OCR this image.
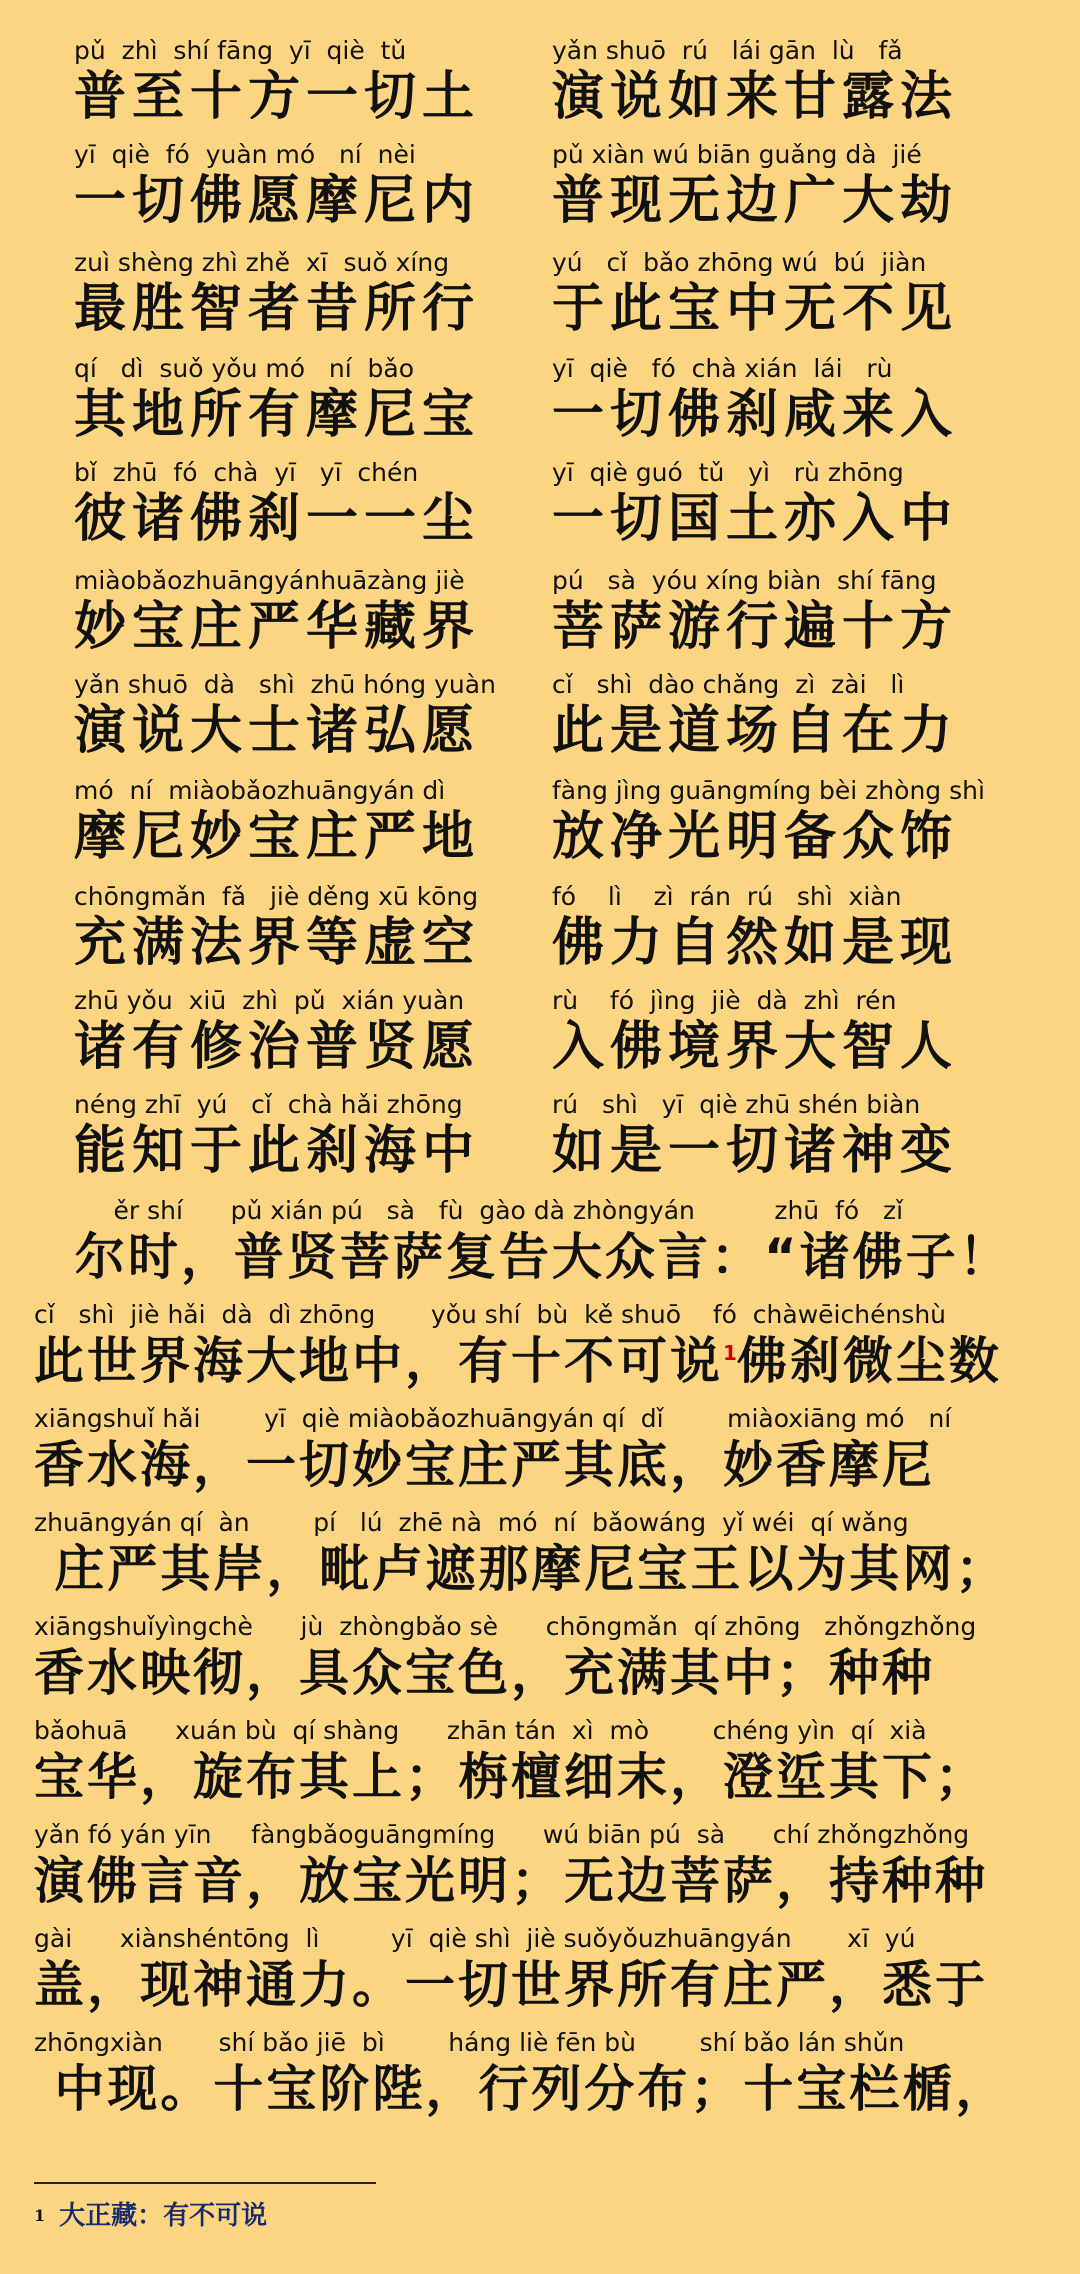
pǔ  zhì  shí fāng  yī  qiè  tǔ
普至十方一切土
yǎn shuō  rú   lái gān  lù   fǎ
演说如来甘露法
yī  qiè  fó  yuàn mó   ní  nèi
一切佛愿摩尼内
pǔ xiàn wú biān guǎng dà  jié
普现无边广大劫
zuì shèng zhì zhě  xī  suǒ xíng
最胜智者昔所行
yú   cǐ  bǎo zhōng wú  bú  jiàn
于此宝中无不见
qí   dì  suǒ yǒu mó   ní  bǎo
其地所有摩尼宝
yī  qiè   fó  chà xián  lái   rù
一切佛刹咸来入
bǐ  zhū  fó  chà  yī   yī  chén
彼诸佛刹一一尘
yī  qiè guó  tǔ   yì   rù zhōng
一切国土亦入中
miàobǎozhuāngyánhuāzàng jiè
妙宝庄严华藏界
pú   sà  yóu xíng biàn  shí fāng
菩萨游行遍十方
yǎn shuō  dà   shì  zhū hóng yuàn
演说大士诸弘愿
cǐ   shì  dào chǎng  zì  zài   lì
此是道场自在力
mó  ní  miàobǎozhuāngyán dì
摩尼妙宝庄严地
fàng jìng guāngmíng bèi zhòng shì
放净光明备众饰
chōngmǎn  fǎ   jiè děng xū kōng
充满法界等虚空
fó    lì    zì  rán  rú   shì  xiàn
佛力自然如是现
zhū yǒu  xiū  zhì  pǔ  xián yuàn
诸有修治普贤愿
rù    fó  jìng  jiè  dà  zhì  rén
入佛境界大智人
néng zhī  yú   cǐ  chà hǎi zhōng
能知于此刹海中
rú   shì   yī  qiè zhū shén biàn
如是一切诸神变
ěr shí      pǔ xián pú   sà   fù  gào dà zhòngyán          zhū  fó   zǐ
尔时，普贤菩萨复告大众言：“诸佛子！
cǐ   shì  jiè hǎi  dà  dì zhōng       yǒu shí  bù  kě shuō    fó  chàwēichénshù
此世界海大地中，有十不可说$^1$佛刹微尘数
xiāngshuǐ hǎi        yī  qiè miàobǎozhuāngyán qí  dǐ        miàoxiāng mó   ní
香水海，一切妙宝庄严其底，妙香摩尼
zhuāngyán qí  àn        pí   lú  zhē nà  mó  ní  bǎowáng  yǐ wéi  qí wǎng
庄严其岸，毗卢遮那摩尼宝王以为其网；
xiāngshuǐyìngchè      jù  zhòngbǎo sè      chōngmǎn  qí zhōng   zhǒngzhǒng
香水映彻，具众宝色，充满其中；种种
bǎohuā      xuán bù  qí shàng      zhān tán  xì  mò        chéng yìn  qí  xià
宝华，旋布其上；栴檀细末，澄垽其下；
yǎn fó yán yīn     fàngbǎoguāngmíng      wú biān pú  sà      chí zhǒngzhǒng
演佛言音，放宝光明；无边菩萨，持种种
gài      xiànshéntōng  lì         yī  qiè shì  jiè suǒyǒuzhuāngyán       xī  yú
盖，现神通力。一切世界所有庄严，悉于
zhōngxiàn       shí bǎo jiē  bì        háng liè fēn bù        shí bǎo lán shǔn
中现。十宝阶陛，行列分布；十宝栏楯，
$^1$ 大正藏：有不可说
